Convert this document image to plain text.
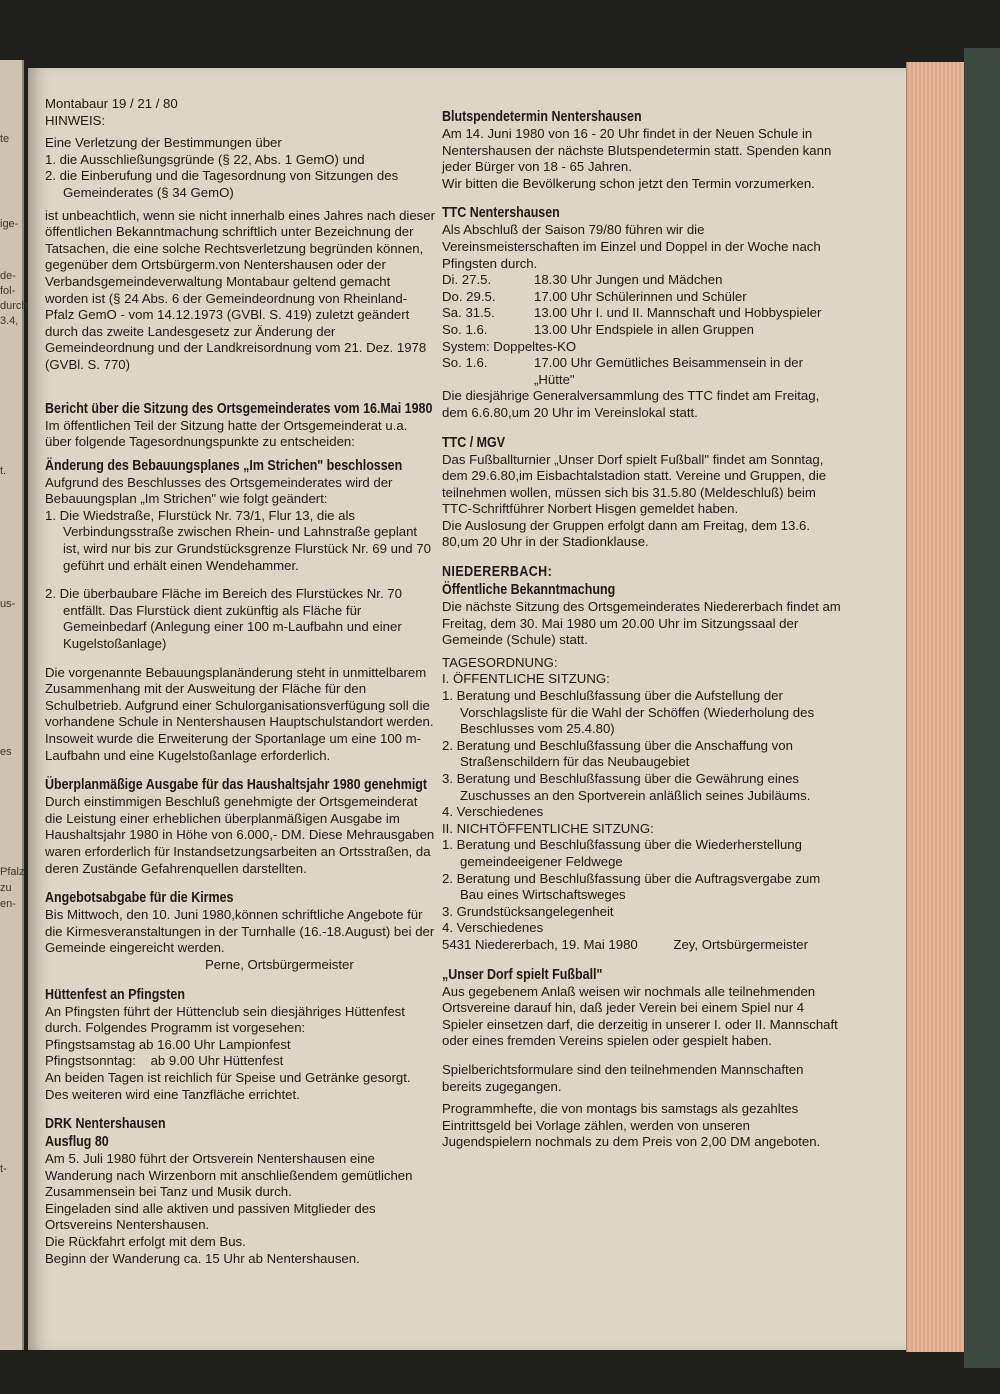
te
ige-
de-
fol-
durch
3.4,
t.
us-
es
Pfalz
zu
en-
t-

Montabaur 19 / 21 / 80

HINWEIS:

Eine Verletzung der Bestimmungen über

1. die Ausschließungsgründe (§ 22, Abs. 1 GemO) und

2. die Einberufung und die Tagesordnung von Sitzungen des Gemeinderates (§ 34 GemO)

ist unbeachtlich, wenn sie nicht innerhalb eines Jahres nach dieser öffentlichen Bekanntmachung schriftlich unter Bezeichnung der Tatsachen, die eine solche Rechtsverletzung begründen können, gegenüber dem Ortsbürgerm.von Nentershausen oder der Verbandsgemeindeverwaltung Montabaur geltend gemacht worden ist (§ 24 Abs. 6 der Gemeindeordnung von Rheinland-Pfalz GemO - vom 14.12.1973 (GVBl. S. 419) zuletzt geändert durch das zweite Landesgesetz zur Änderung der Gemeindeordnung und der Landkreisordnung vom 21. Dez. 1978 (GVBl. S. 770)

Bericht über die Sitzung des Ortsgemeinderates vom 16.Mai 1980

Im öffentlichen Teil der Sitzung hatte der Ortsgemeinderat u.a. über folgende Tagesordnungspunkte zu entscheiden:

Änderung des Bebauungsplanes „Im Strichen" beschlossen

Aufgrund des Beschlusses des Ortsgemeinderates wird der Bebauungsplan „Im Strichen" wie folgt geändert:

1. Die Wiedstraße, Flurstück Nr. 73/1, Flur 13, die als Verbindungsstraße zwischen Rhein- und Lahnstraße geplant ist, wird nur bis zur Grundstücksgrenze Flurstück Nr. 69 und 70 geführt und erhält einen Wendehammer.

2. Die überbaubare Fläche im Bereich des Flurstückes Nr. 70 entfällt. Das Flurstück dient zukünftig als Fläche für Gemeinbedarf (Anlegung einer 100 m-Laufbahn und einer Kugelstoßanlage)

Die vorgenannte Bebauungsplanänderung steht in unmittelbarem Zusammenhang mit der Ausweitung der Fläche für den Schulbetrieb. Aufgrund einer Schulorganisationsverfügung soll die vorhandene Schule in Nentershausen Hauptschulstandort werden. Insoweit wurde die Erweiterung der Sportanlage um eine 100 m-Laufbahn und eine Kugelstoßanlage erforderlich.

Überplanmäßige Ausgabe für das Haushaltsjahr 1980 genehmigt

Durch einstimmigen Beschluß genehmigte der Ortsgemeinderat die Leistung einer erheblichen überplanmäßigen Ausgabe im Haushaltsjahr 1980 in Höhe von 6.000,- DM. Diese Mehrausgaben waren erforderlich für Instandsetzungsarbeiten an Ortsstraßen, da deren Zustände Gefahrenquellen darstellten.

Angebotsabgabe für die Kirmes

Bis Mittwoch, den 10. Juni 1980,können schriftliche Angebote für die Kirmesveranstaltungen in der Turnhalle (16.-18.August) bei der Gemeinde eingereicht werden.

Perne, Ortsbürgermeister

Hüttenfest an Pfingsten

An Pfingsten führt der Hüttenclub sein diesjähriges Hüttenfest durch. Folgendes Programm ist vorgesehen:

Pfingstsamstag ab 16.00 Uhr Lampionfest

Pfingstsonntag:    ab 9.00 Uhr Hüttenfest

An beiden Tagen ist reichlich für Speise und Getränke gesorgt.

Des weiteren wird eine Tanzfläche errichtet.

DRK Nentershausen

Ausflug 80

Am 5. Juli 1980 führt der Ortsverein Nentershausen eine Wanderung nach Wirzenborn mit anschließendem gemütlichen Zusammensein bei Tanz und Musik durch.

Eingeladen sind alle aktiven und passiven Mitglieder des Ortsvereins Nentershausen.

Die Rückfahrt erfolgt mit dem Bus.

Beginn der Wanderung ca. 15 Uhr ab Nentershausen.

Blutspendetermin Nentershausen

Am 14. Juni 1980 von 16 - 20 Uhr findet in der Neuen Schule in Nentershausen der nächste Blutspendetermin statt. Spenden kann jeder Bürger von 18 - 65 Jahren.

Wir bitten die Bevölkerung schon jetzt den Termin vorzumerken.

TTC Nentershausen

Als Abschluß der Saison 79/80 führen wir die Vereinsmeisterschaften im Einzel und Doppel in der Woche nach Pfingsten durch.

Di. 27.5.	18.30 Uhr Jungen und Mädchen
Do. 29.5.	17.00 Uhr Schülerinnen und Schüler
Sa. 31.5.	13.00 Uhr I. und II. Mannschaft und Hobbyspieler
So. 1.6.	13.00 Uhr Endspiele in allen Gruppen

System: Doppeltes-KO

So. 1.6.	17.00 Uhr Gemütliches Beisammensein in der „Hütte"

Die diesjährige Generalversammlung des TTC findet am Freitag, dem 6.6.80,um 20 Uhr im Vereinslokal statt.

TTC / MGV

Das Fußballturnier „Unser Dorf spielt Fußball" findet am Sonntag, dem 29.6.80,im Eisbachtalstadion statt. Vereine und Gruppen, die teilnehmen wollen, müssen sich bis 31.5.80 (Meldeschluß) beim TTC-Schriftführer Norbert Hisgen gemeldet haben.

Die Auslosung der Gruppen erfolgt dann am Freitag, dem 13.6. 80,um 20 Uhr in der Stadionklause.

NIEDERERBACH:

Öffentliche Bekanntmachung

Die nächste Sitzung des Ortsgemeinderates Niedererbach findet am Freitag, dem 30. Mai 1980 um 20.00 Uhr im Sitzungssaal der Gemeinde (Schule) statt.

TAGESORDNUNG:

I. ÖFFENTLICHE SITZUNG:

1. Beratung und Beschlußfassung über die Aufstellung der Vorschlagsliste für die Wahl der Schöffen (Wiederholung des Beschlusses vom 25.4.80)

2. Beratung und Beschlußfassung über die Anschaffung von Straßenschildern für das Neubaugebiet

3. Beratung und Beschlußfassung über die Gewährung eines Zuschusses an den Sportverein anläßlich seines Jubiläums.

4. Verschiedenes

II. NICHTÖFFENTLICHE SITZUNG:

1. Beratung und Beschlußfassung über die Wiederherstellung gemeindeeigener Feldwege

2. Beratung und Beschlußfassung über die Auftragsvergabe zum Bau eines Wirtschaftsweges

3. Grundstücksangelegenheit

4. Verschiedenes

5431 Niedererbach, 19. Mai 1980	Zey, Ortsbürgermeister

„Unser Dorf spielt Fußball"

Aus gegebenem Anlaß weisen wir nochmals alle teilnehmenden Ortsvereine darauf hin, daß jeder Verein bei einem Spiel nur 4 Spieler einsetzen darf, die derzeitig in unserer I. oder II. Mannschaft oder eines fremden Vereins spielen oder gespielt haben.

Spielberichtsformulare sind den teilnehmenden Mannschaften bereits zugegangen.

Programmhefte, die von montags bis samstags als gezahltes Eintrittsgeld bei Vorlage zählen, werden von unseren Jugendspielern nochmals zu dem Preis von 2,00 DM angeboten.
